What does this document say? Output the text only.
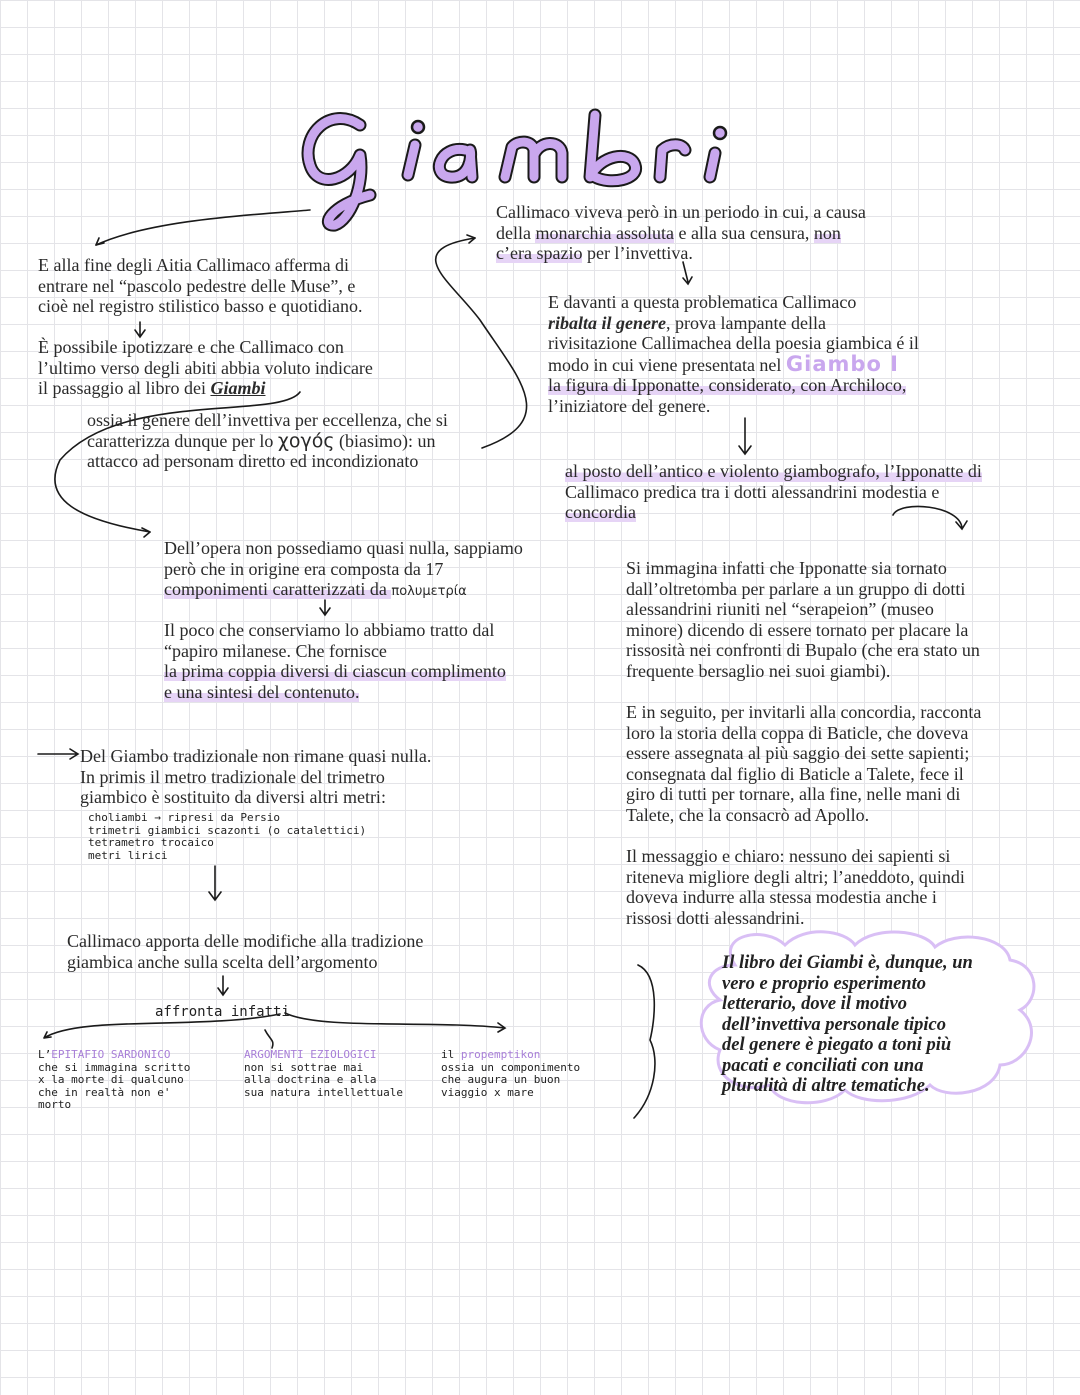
Giambi

E alla fine degli Aitia Callimaco afferma di

entrare nel “pascolo pedestre delle Muse”, e

cioè nel registro stilistico basso e quotidiano.

È possibile ipotizzare e che Callimaco con

l’ultimo verso degli abiti abbia voluto indicare

il passaggio al libro dei Giambi

ossia il genere dell’invettiva per eccellenza, che si

caratterizza dunque per lo χογός (biasimo): un

attacco ad personam diretto ed incondizionato

Callimaco viveva però in un periodo in cui, a causa

della monarchia assoluta e alla sua censura, non

c’era spazio per l’invettiva.

E davanti a questa problematica Callimaco

ribalta il genere, prova lampante della

rivisitazione Callimachea della poesia giambica é il

modo in cui viene presentata nel Giambo I

la figura di Ipponatte, considerato, con Archiloco,

l’iniziatore del genere.

al posto dell’antico e violento giambografo, l’Ipponatte di

Callimaco predica tra i dotti alessandrini modestia e

concordia

Dell’opera non possediamo quasi nulla, sappiamo

però che in origine era composta da 17

componimenti caratterizzati da πολυμετρία

Il poco che conserviamo lo abbiamo tratto dal

“papiro milanese. Che fornisce

la prima coppia diversi di ciascun complimento

e una sintesi del contenuto.

Del Giambo tradizionale non rimane quasi nulla.

In primis il metro tradizionale del trimetro

giambico è sostituito da diversi altri metri:

choliambi → ripresi da Persio
trimetri giambici scazonti (o catalettici)
tetrametro trocaico
metri lirici

Callimaco apporta delle modifiche alla tradizione

giambica anche sulla scelta dell’argomento

affronta infatti
L’EPITAFIO SARDONICO
che si immagina scritto
x la morte di qualcuno
che in realtà non e'
morto
ARGOMENTI EZIOLOGICI
non si sottrae mai
alla doctrina e alla
sua natura intellettuale
il propemptikon
ossia un componimento
che augura un buon
viaggio x mare

Si immagina infatti che Ipponatte sia tornato

dall’oltretomba per parlare a un gruppo di dotti

alessandrini riuniti nel “serapeion” (museo

minore) dicendo di essere tornato per placare la

rissosità nei confronti di Bupalo (che era stato un

frequente bersaglio nei suoi giambi).

E in seguito, per invitarli alla concordia, racconta

loro la storia della coppa di Baticle, che doveva

essere assegnata al più saggio dei sette sapienti;

consegnata dal figlio di Baticle a Talete, fece il

giro di tutti per tornare, alla fine, nelle mani di

Talete, che la consacrò ad Apollo.

Il messaggio e chiaro: nessuno dei sapienti si

riteneva migliore degli altri; l’aneddoto, quindi

doveva indurre alla stessa modestia anche i

rissosi dotti alessandrini.

Il libro dei Giambi è, dunque, un
vero e proprio esperimento
letterario, dove il motivo
dell’invettiva personale tipico
del genere è piegato a toni più
pacati e conciliati con una
pluralità di altre tematiche.
